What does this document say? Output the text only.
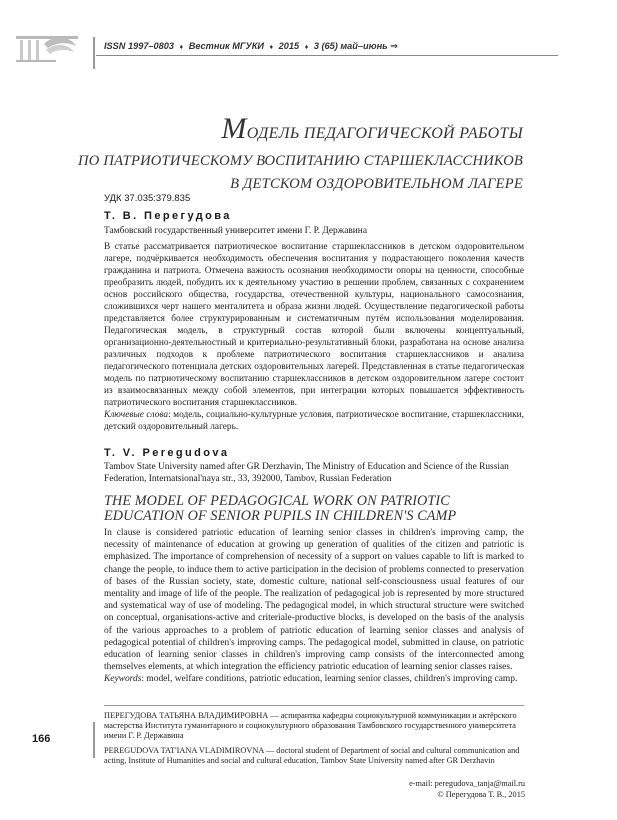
ISSN 1997–0803 ♦ Вестник МГУКИ ♦ 2015 ♦ 3 (65) май–июнь ⇒
МОДЕЛЬ ПЕДАГОГИЧЕСКОЙ РАБОТЫ
ПО ПАТРИОТИЧЕСКОМУ ВОСПИТАНИЮ СТАРШЕКЛАССНИКОВ
В ДЕТСКОМ ОЗДОРОВИТЕЛЬНОМ ЛАГЕРЕ
УДК 37.035:379.835
Т. В. Перегудова
Тамбовский государственный университет имени Г. Р. Державина
В статье рассматривается патриотическое воспитание старшеклассников в детском оздоровительном лагере, подчёркивается необходимость обеспечения воспитания у подрастающего поколения качеств гражданина и патриота. Отмечена важность осознания необходимости опоры на ценности, способные преобразить людей, побудить их к деятельному участию в решении проблем, связанных с сохранением основ российского общества, государства, отечественной культуры, национального самосознания, сложившихся черт нашего менталитета и образа жизни людей. Осуществление педагогической работы представляется более структурированным и систематичным путём использования моделирования. Педагогическая модель, в структурный состав которой были включены концептуальный, организационно-деятельностный и критериально-результативный блоки, разработана на основе анализа различных подходов к проблеме патриотического воспитания старшеклассников и анализа педагогического потенциала детских оздоровительных лагерей. Представленная в статье педагогическая модель по патриотическому воспитанию старшеклассников в детском оздоровительном лагере состоит из взаимосвязанных между собой элементов, при интеграции которых повышается эффективность патриотического воспитания старшеклассников.
Ключевые слова: модель, социально-культурные условия, патриотическое воспитание, старшеклассники, детский оздоровительный лагерь.
T. V. Peregudova
Tambov State University named after GR Derzhavin, The Ministry of Education and Science of the Russian Federation, Internatsional'naya str., 33, 392000, Tambov, Russian Federation
THE MODEL OF PEDAGOGICAL WORK ON PATRIOTIC
EDUCATION OF SENIOR PUPILS IN CHILDREN'S CAMP
In clause is considered patriotic education of learning senior classes in children's improving camp, the necessity of maintenance of education at growing up generation of qualities of the citizen and patriotic is emphasized. The importance of comprehension of necessity of a support on values capable to lift is marked to change the people, to induce them to active participation in the decision of problems connected to preservation of bases of the Russian society, state, domestic culture, national self-consciousness usual features of our mentality and image of life of the people. The realization of pedagogical job is represented by more structured and systematical way of use of modeling. The pedagogical model, in which structural structure were switched on conceptual, organisations-active and criteriale-productive blocks, is developed on the basis of the analysis of the various approaches to a problem of patriotic education of learning senior classes and analysis of pedagogical potential of children's improving camps. The pedagogical model, submitted in clause, on patriotic education of learning senior classes in children's improving camp consists of the interconnected among themselves elements, at which integration the efficiency patriotic education of learning senior classes raises.
Keywords: model, welfare conditions, patriotic education, learning senior classes, children's improving camp.
166
ПЕРЕГУДОВА ТАТЬЯНА ВЛАДИМИРОВНА — аспирантка кафедры социокультурной коммуникации и актёрского мастерства Института гуманитарного и социокультурного образования Тамбовского государственного университета имени Г. Р. Державина
PEREGUDOVA TAT'IANA VLADIMIROVNA — doctoral student of Department of social and cultural communication and acting, Institute of Humanities and social and cultural education, Tambov State University named after GR Derzhavin
e-mail: peregudova_tanja@mail.ru
© Перегудова Т. В., 2015
